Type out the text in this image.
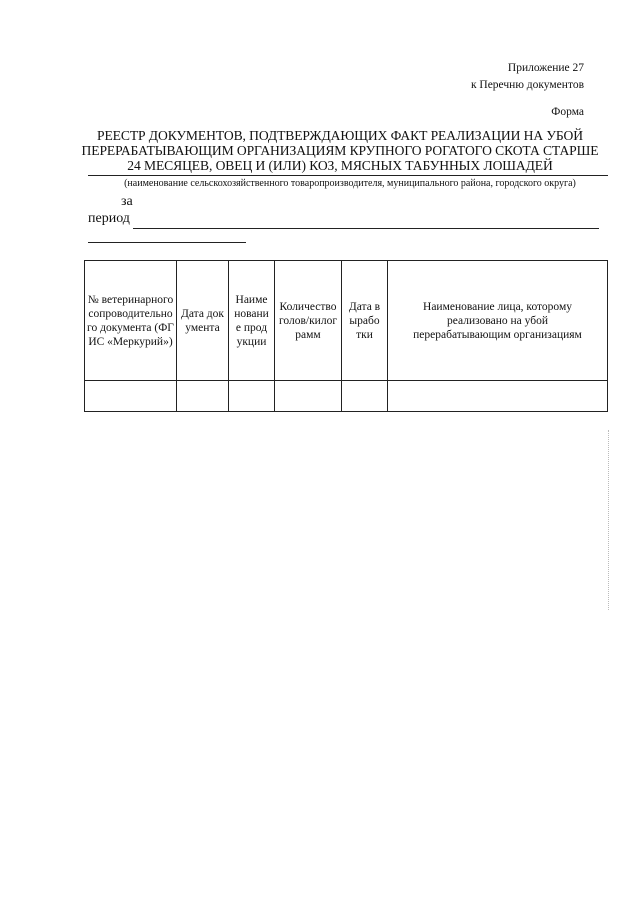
Приложение 27
к Перечню документов
Форма
РЕЕСТР ДОКУМЕНТОВ, ПОДТВЕРЖДАЮЩИХ ФАКТ РЕАЛИЗАЦИИ НА УБОЙ
ПЕРЕРАБАТЫВАЮЩИМ ОРГАНИЗАЦИЯМ КРУПНОГО РОГАТОГО СКОТА СТАРШЕ
24 МЕСЯЦЕВ, ОВЕЦ И (ИЛИ) КОЗ, МЯСНЫХ ТАБУННЫХ ЛОШАДЕЙ
(наименование сельскохозяйственного товаропроизводителя, муниципального района, городского округа)
за
период
№ ветеринарного сопроводительного документа (ФГИС «Меркурий»)	Дата документа	Наименование продукции	Количество голов/килограмм	Дата выработки	Наименование лица, которому реализовано на убой перерабатывающим организациям
